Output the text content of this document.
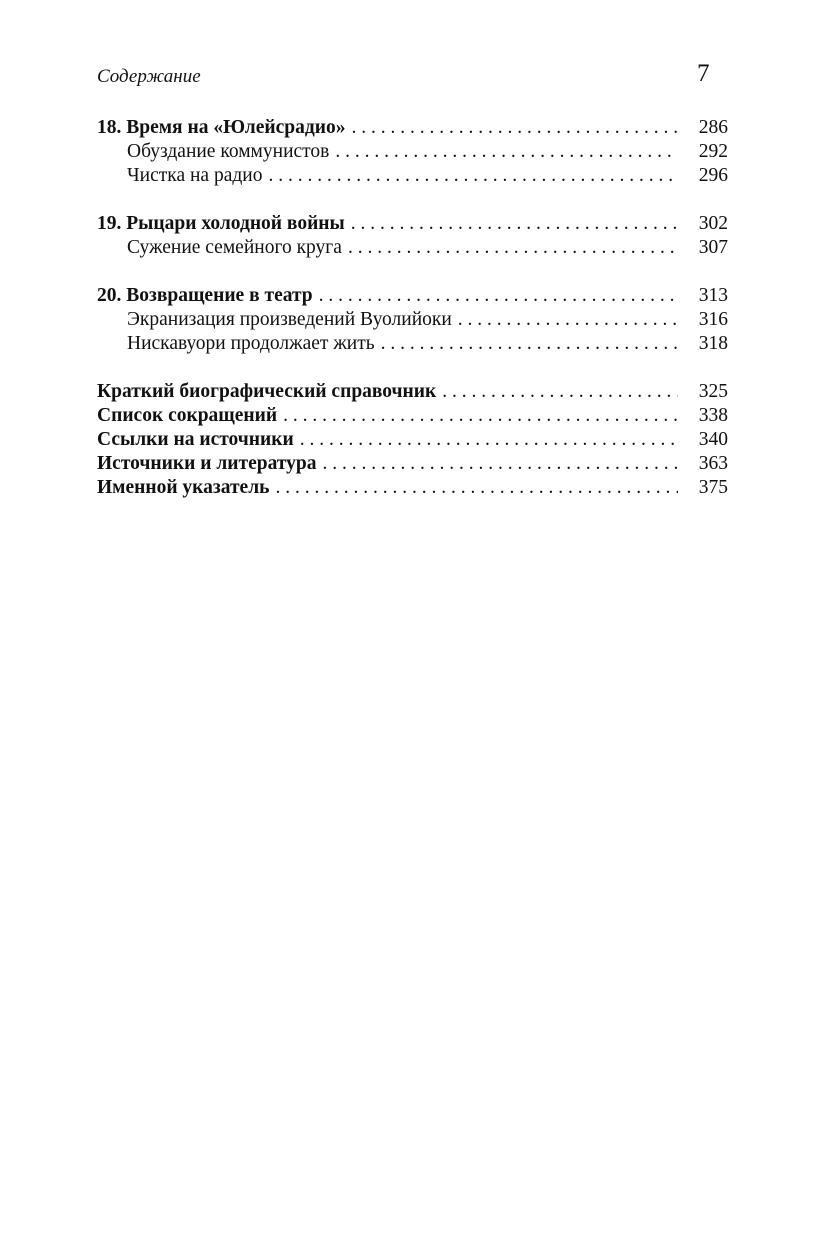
Содержание	7
18. Время на «Юлейсрадио» . . .	286
Обуздание коммунистов . . .	292
Чистка на радио . . .	296
19. Рыцари холодной войны . . .	302
Сужение семейного круга . . .	307
20. Возвращение в театр . . .	313
Экранизация произведений Вуолийоки . . .	316
Нискавуори продолжает жить . . .	318
Краткий биографический справочник . . .	325
Список сокращений . . .	338
Ссылки на источники . . .	340
Источники и литература . . .	363
Именной указатель . . .	375
